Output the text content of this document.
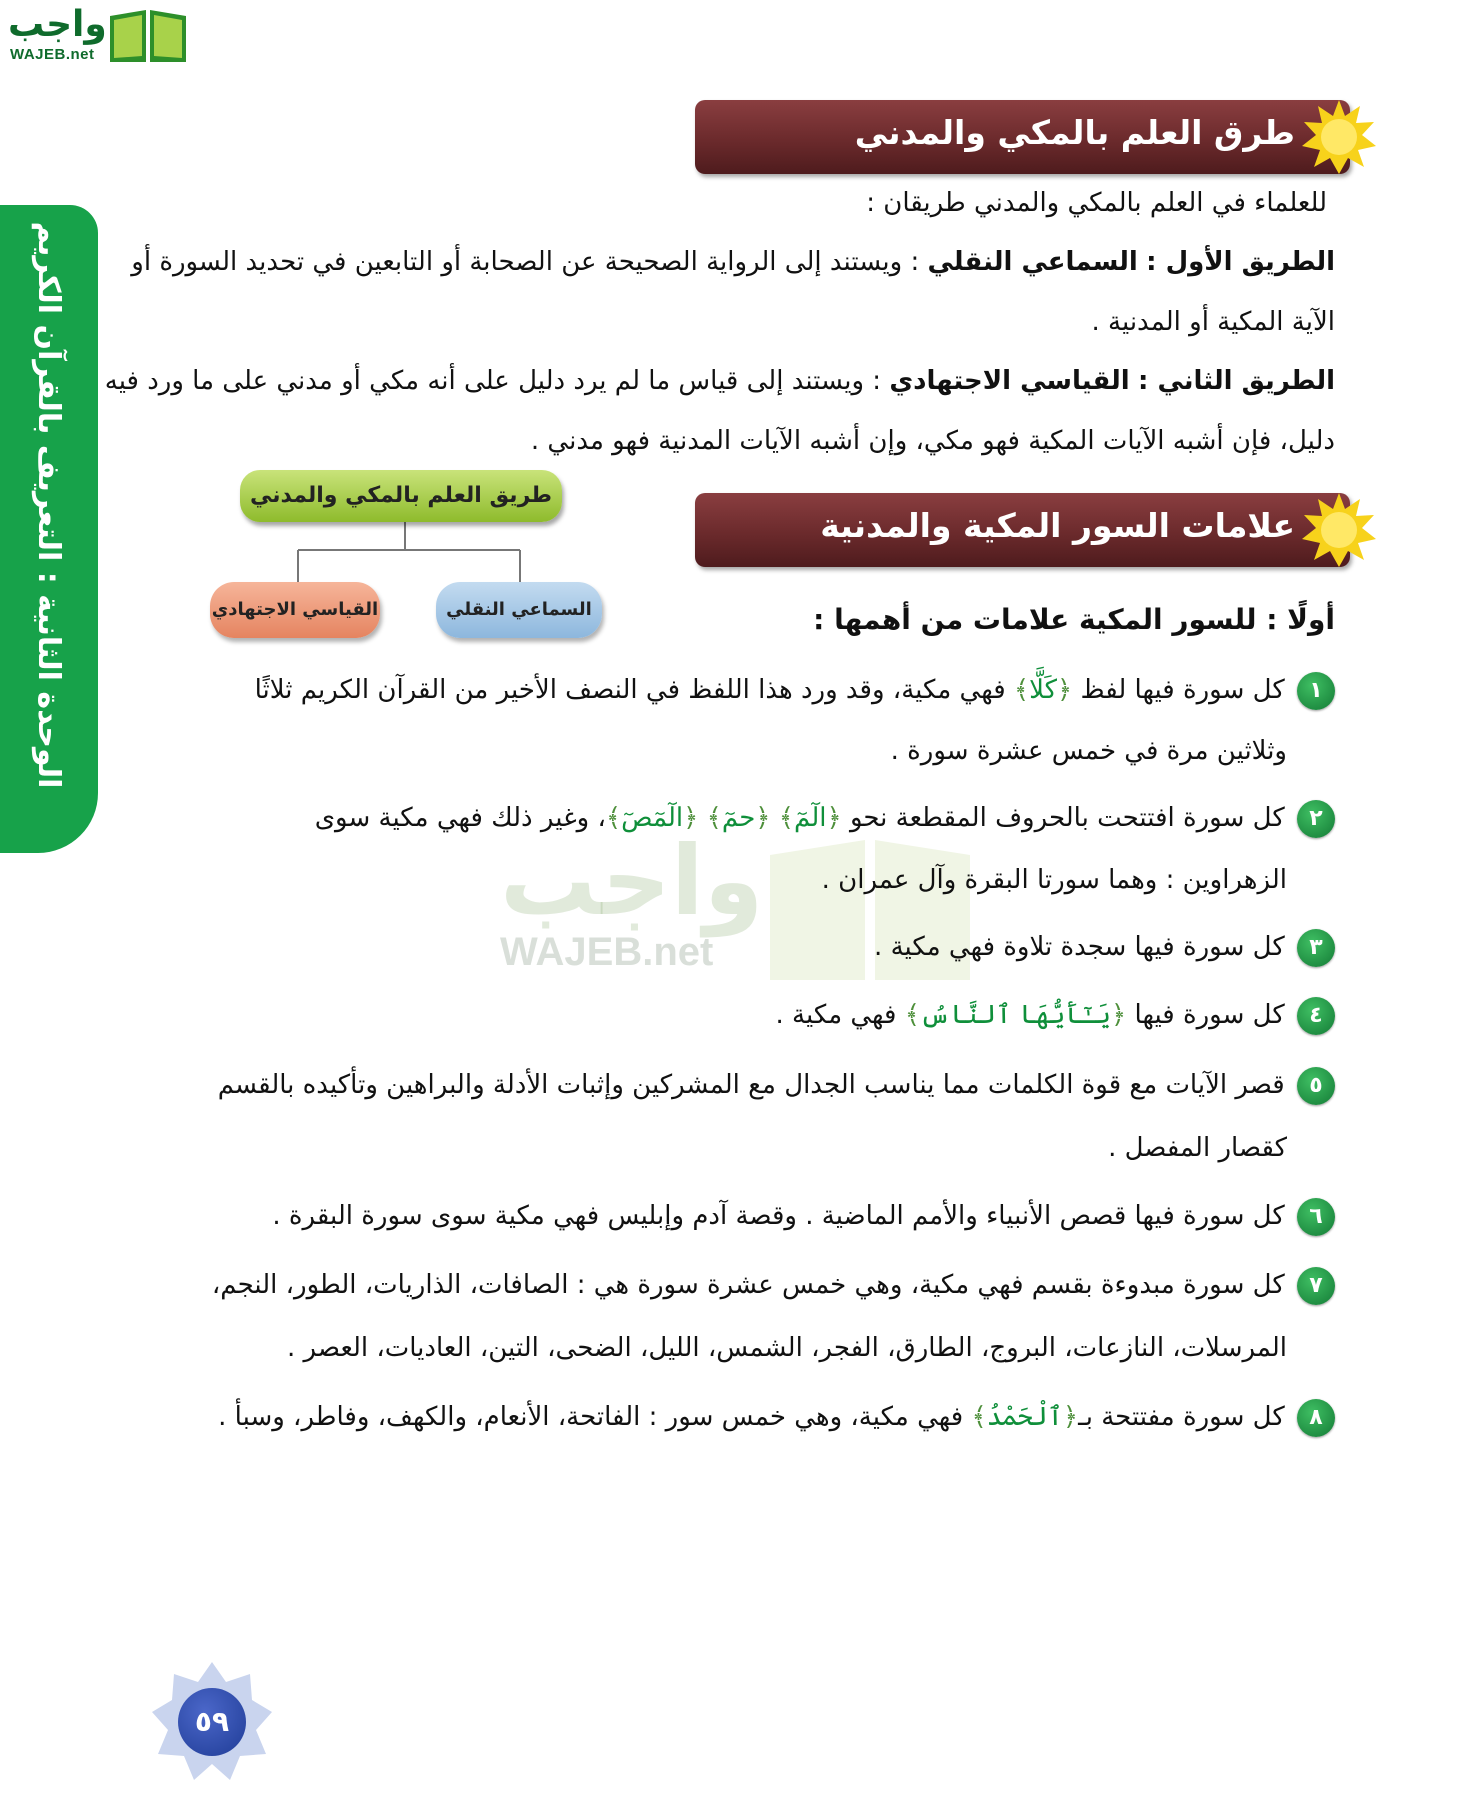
واجب
WAJEB.net
الوحدة الثانية : التعريف بالقرآن الكريم
واجب
WAJEB.net
طرق العلم بالمكي والمدني
للعلماء في العلم بالمكي والمدني طريقان :
الطريق الأول : السماعي النقلي : ويستند إلى الرواية الصحيحة عن الصحابة أو التابعين في تحديد السورة أو
الآية المكية أو المدنية .
الطريق الثاني : القياسي الاجتهادي : ويستند إلى قياس ما لم يرد دليل على أنه مكي أو مدني على ما ورد فيه
دليل، فإن أشبه الآيات المكية فهو مكي، وإن أشبه الآيات المدنية فهو مدني .
طريق العلم بالمكي والمدني
القياسي الاجتهادي	السماعي النقلي
علامات السور المكية والمدنية
أولًا : للسور المكية علامات من أهمها :
١ كل سورة فيها لفظ ﴿كَلَّا﴾ فهي مكية، وقد ورد هذا اللفظ في النصف الأخير من القرآن الكريم ثلاثًا
وثلاثين مرة في خمس عشرة سورة .
٢ كل سورة افتتحت بالحروف المقطعة نحو ﴿الٓمٓ﴾ ﴿حمٓ﴾ ﴿الٓمٓصٓ﴾، وغير ذلك فهي مكية سوى
الزهراوين : وهما سورتا البقرة وآل عمران .
٣ كل سورة فيها سجدة تلاوة فهي مكية .
٤ كل سورة فيها ﴿يَـٰٓأَيُّهَا ٱلنَّاسُ﴾ فهي مكية .
٥ قصر الآيات مع قوة الكلمات مما يناسب الجدال مع المشركين وإثبات الأدلة والبراهين وتأكيده بالقسم
كقصار المفصل .
٦ كل سورة فيها قصص الأنبياء والأمم الماضية . وقصة آدم وإبليس فهي مكية سوى سورة البقرة .
٧ كل سورة مبدوءة بقسم فهي مكية، وهي خمس عشرة سورة هي : الصافات، الذاريات، الطور، النجم،
المرسلات، النازعات، البروج، الطارق، الفجر، الشمس، الليل، الضحى، التين، العاديات، العصر .
٨ كل سورة مفتتحة بـ﴿ٱلْحَمْدُ﴾ فهي مكية، وهي خمس سور : الفاتحة، الأنعام، والكهف، وفاطر، وسبأ .
٥٩
